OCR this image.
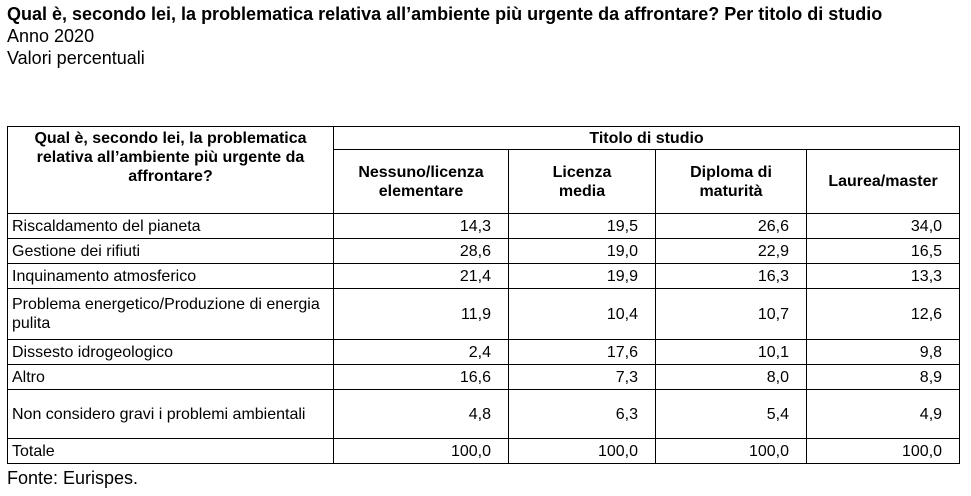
Qual è, secondo lei, la problematica relativa all’ambiente più urgente da affrontare? Per titolo di studio
Anno 2020
Valori percentuali
Qual è, secondo lei, la problematica relativa all’ambiente più urgente da affrontare?	Titolo di studio			
	Nessuno/licenza elementare	Licenza media	Diploma di maturità	Laurea/master
Riscaldamento del pianeta	14,3	19,5	26,6	34,0
Gestione dei rifiuti	28,6	19,0	22,9	16,5
Inquinamento atmosferico	21,4	19,9	16,3	13,3
Problema energetico/Produzione di energia pulita	11,9	10,4	10,7	12,6
Dissesto idrogeologico	2,4	17,6	10,1	9,8
Altro	16,6	7,3	8,0	8,9
Non considero gravi i problemi ambientali	4,8	6,3	5,4	4,9
Totale	100,0	100,0	100,0	100,0
Fonte: Eurispes.
